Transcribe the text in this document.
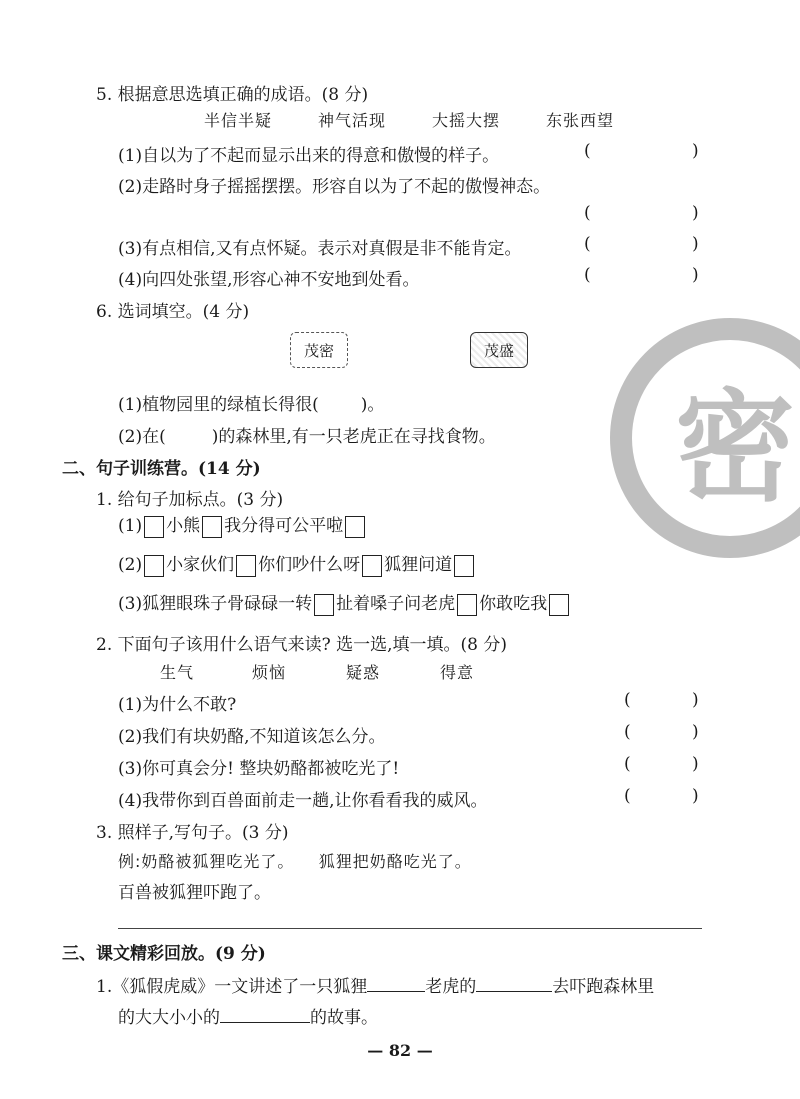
5. 根据意思选填正确的成语。(8 分)
半信半疑	神气活现	大摇大摆	东张西望
(1)自以为了不起而显示出来的得意和傲慢的样子。	(	)
(2)走路时身子摇摇摆摆。形容自以为了不起的傲慢神态。
(	)
(3)有点相信,又有点怀疑。表示对真假是非不能肯定。	(	)
(4)向四处张望,形容心神不安地到处看。	(	)
6. 选词填空。(4 分)
茂密	茂盛
(1)植物园里的绿植长得很( )。
(2)在(	)的森林里,有一只老虎正在寻找食物。 密
二、句子训练营。(14 分)
1. 给句子加标点。(3 分)
(1) 小熊 我分得可公平啦
(2) 小家伙们 你们吵什么呀 狐狸问道
(3)狐狸眼珠子骨碌碌一转 扯着嗓子问老虎 你敢吃我
2. 下面句子该用什么语气来读? 选一选,填一填。(8 分)
生气	烦恼	疑惑	得意
(1)为什么不敢?	(	)
(2)我们有块奶酪,不知道该怎么分。	(	)
(3)你可真会分! 整块奶酪都被吃光了!	(	)
(4)我带你到百兽面前走一趟,让你看看我的威风。	(	)
3. 照样子,写句子。(3 分)
例:奶酪被狐狸吃光了。    狐狸把奶酪吃光了。
百兽被狐狸吓跑了。
三、课文精彩回放。(9 分)
1.《狐假虎威》一文讲述了一只狐狸	老虎的	去吓跑森林里
的大大小小的	的故事。
— 82 —
